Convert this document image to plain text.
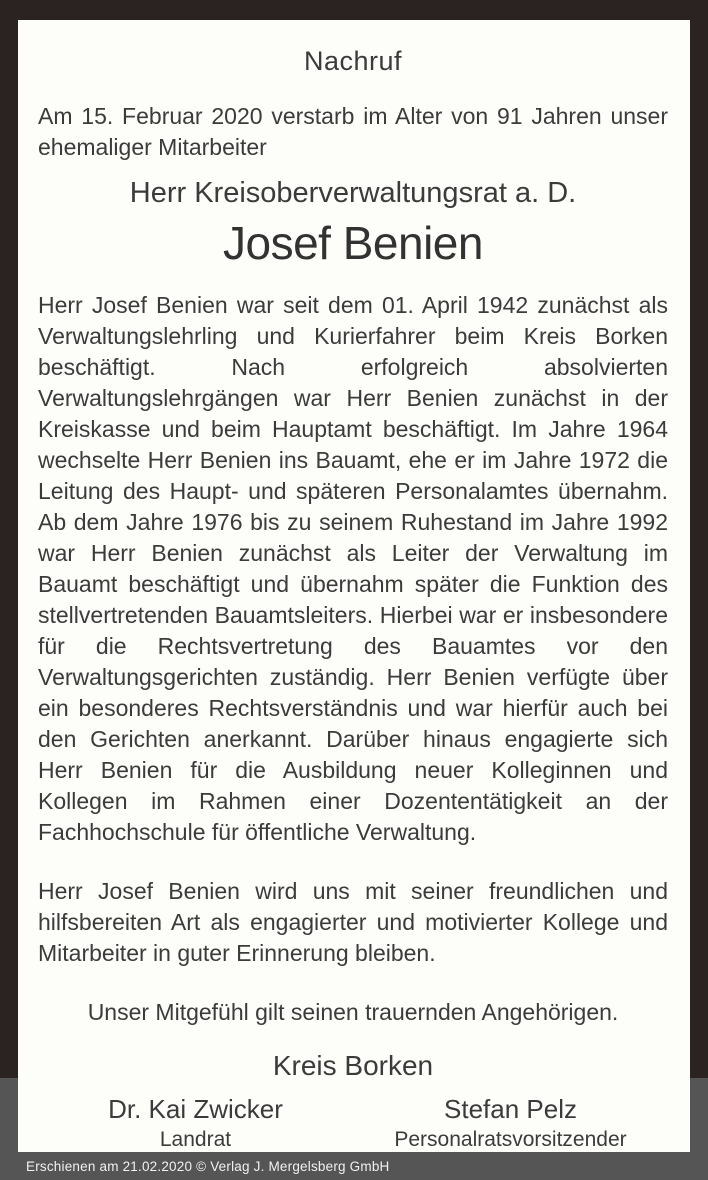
Nachruf

Am 15. Februar 2020 verstarb im Alter von 91 Jahren unser ehemaliger Mitarbeiter

Herr Kreisoberverwaltungsrat a. D.
Josef Benien

Herr Josef Benien war seit dem 01. April 1942 zunächst als Verwaltungslehrling und Kurierfahrer beim Kreis Borken beschäftigt. Nach erfolgreich absolvierten Verwaltungslehrgängen war Herr Benien zunächst in der Kreiskasse und beim Hauptamt beschäftigt. Im Jahre 1964 wechselte Herr Benien ins Bauamt, ehe er im Jahre 1972 die Leitung des Haupt- und späteren Personalamtes übernahm. Ab dem Jahre 1976 bis zu seinem Ruhestand im Jahre 1992 war Herr Benien zunächst als Leiter der Verwaltung im Bauamt beschäftigt und übernahm später die Funktion des stellvertretenden Bauamtsleiters. Hierbei war er insbesondere für die Rechtsvertretung des Bauamtes vor den Verwaltungsgerichten zuständig. Herr Benien verfügte über ein besonderes Rechtsverständnis und war hierfür auch bei den Gerichten anerkannt. Darüber hinaus engagierte sich Herr Benien für die Ausbildung neuer Kolleginnen und Kollegen im Rahmen einer Dozententätigkeit an der Fachhochschule für öffentliche Verwaltung.

Herr Josef Benien wird uns mit seiner freundlichen und hilfsbereiten Art als engagierter und motivierter Kollege und Mitarbeiter in guter Erinnerung bleiben.

Unser Mitgefühl gilt seinen trauernden Angehörigen.

Kreis Borken
Dr. Kai Zwicker
Landrat
Stefan Pelz
Personalratsvorsitzender
Erschienen am 21.02.2020 © Verlag J. Mergelsberg GmbH
